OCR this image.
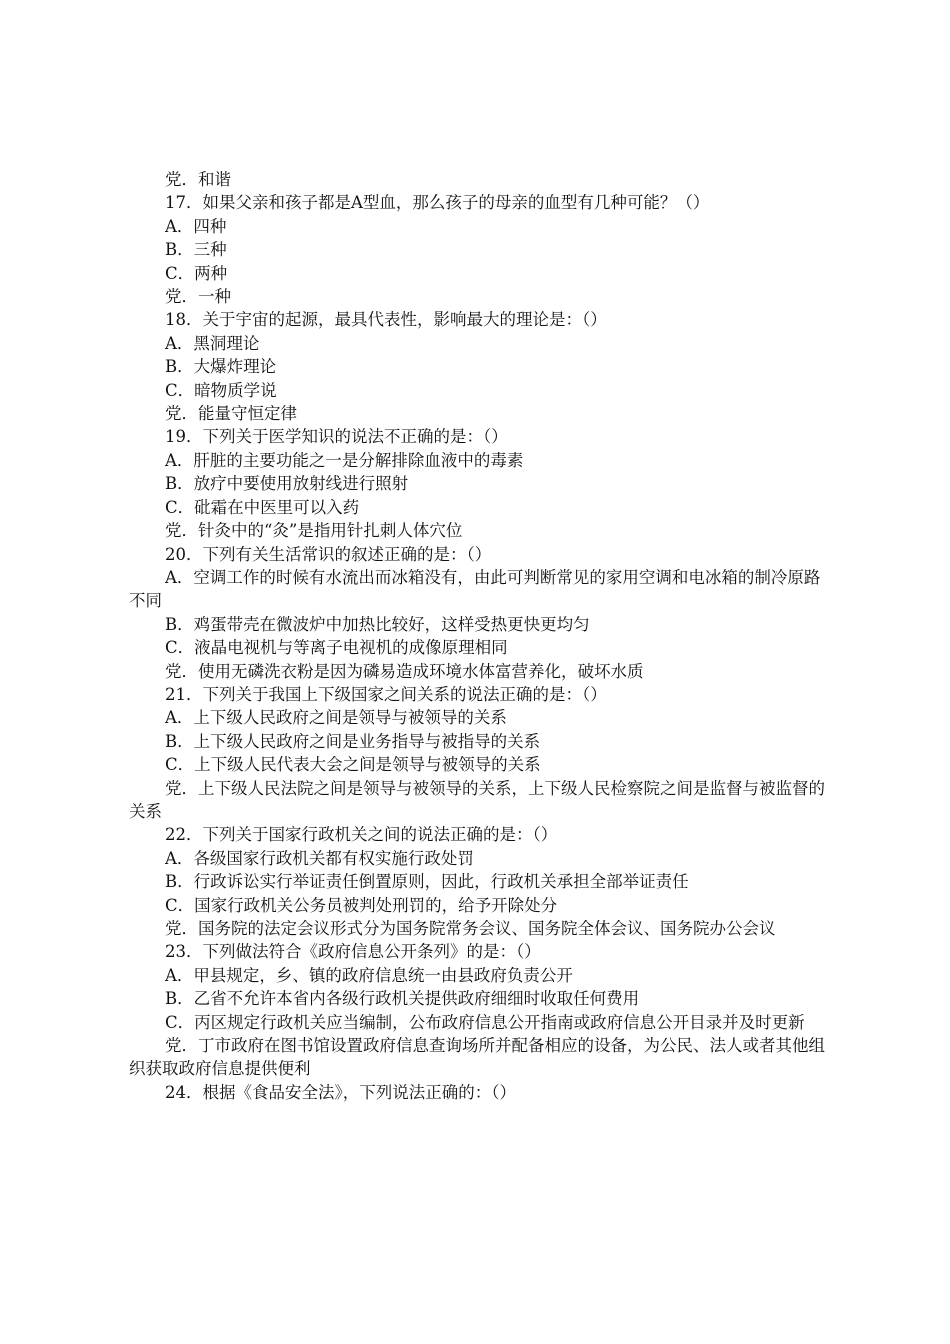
党．和谐

17．如果父亲和孩子都是A型血，那么孩子的母亲的血型有几种可能？（）

A．四种

B．三种

C．两种

党．一种

18．关于宇宙的起源，最具代表性，影响最大的理论是：（）

A．黑洞理论

B．大爆炸理论

C．暗物质学说

党．能量守恒定律

19．下列关于医学知识的说法不正确的是：（）

A．肝脏的主要功能之一是分解排除血液中的毒素

B．放疗中要使用放射线进行照射

C．砒霜在中医里可以入药

党．针灸中的“灸”是指用针扎刺人体穴位

20．下列有关生活常识的叙述正确的是：（）

A．空调工作的时候有水流出而冰箱没有，由此可判断常见的家用空调和电冰箱的制冷原路不同

B．鸡蛋带壳在微波炉中加热比较好，这样受热更快更均匀

C．液晶电视机与等离子电视机的成像原理相同

党．使用无磷洗衣粉是因为磷易造成环境水体富营养化，破坏水质

21．下列关于我国上下级国家之间关系的说法正确的是：（）

A．上下级人民政府之间是领导与被领导的关系

B．上下级人民政府之间是业务指导与被指导的关系

C．上下级人民代表大会之间是领导与被领导的关系

党．上下级人民法院之间是领导与被领导的关系，上下级人民检察院之间是监督与被监督的关系

22．下列关于国家行政机关之间的说法正确的是：（）

A．各级国家行政机关都有权实施行政处罚

B．行政诉讼实行举证责任倒置原则，因此，行政机关承担全部举证责任

C．国家行政机关公务员被判处刑罚的，给予开除处分

党．国务院的法定会议形式分为国务院常务会议、国务院全体会议、国务院办公会议

23．下列做法符合《政府信息公开条列》的是：（）

A．甲县规定，乡、镇的政府信息统一由县政府负责公开

B．乙省不允许本省内各级行政机关提供政府细细时收取任何费用

C．丙区规定行政机关应当编制，公布政府信息公开指南或政府信息公开目录并及时更新

党．丁市政府在图书馆设置政府信息查询场所并配备相应的设备，为公民、法人或者其他组织获取政府信息提供便利

24．根据《食品安全法》，下列说法正确的：（）
